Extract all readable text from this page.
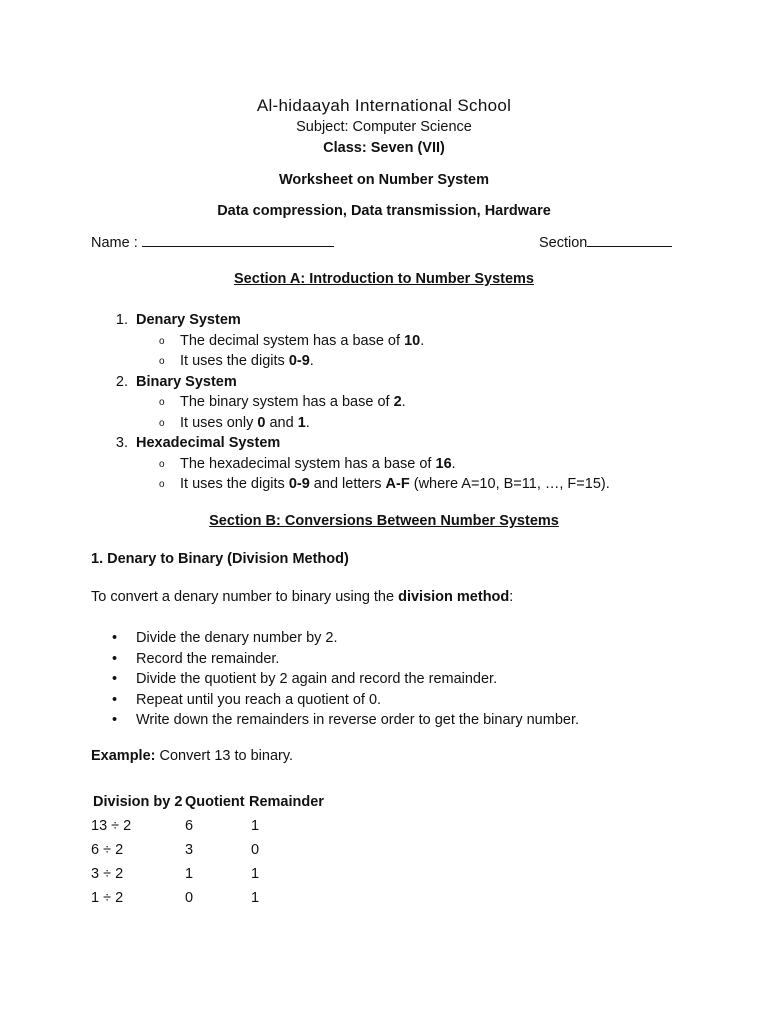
Al-hidaayah International School
Subject: Computer Science
Class: Seven (VII)
Worksheet on Number System
Data compression, Data transmission, Hardware
Name :	Section
Section A: Introduction to Number Systems
1. Denary System
o The decimal system has a base of 10.
o It uses the digits 0-9.
2. Binary System
o The binary system has a base of 2.
o It uses only 0 and 1.
3. Hexadecimal System
o The hexadecimal system has a base of 16.
o It uses the digits 0-9 and letters A-F (where A=10, B=11, …, F=15).
Section B: Conversions Between Number Systems
1. Denary to Binary (Division Method)
To convert a denary number to binary using the division method:
• Divide the denary number by 2.
• Record the remainder.
• Divide the quotient by 2 again and record the remainder.
• Repeat until you reach a quotient of 0.
• Write down the remainders in reverse order to get the binary number.
Example: Convert 13 to binary.
Division by 2	Quotient	Remainder
13 ÷ 2	6	1
6 ÷ 2	3	0
3 ÷ 2	1	1
1 ÷ 2	0	1
